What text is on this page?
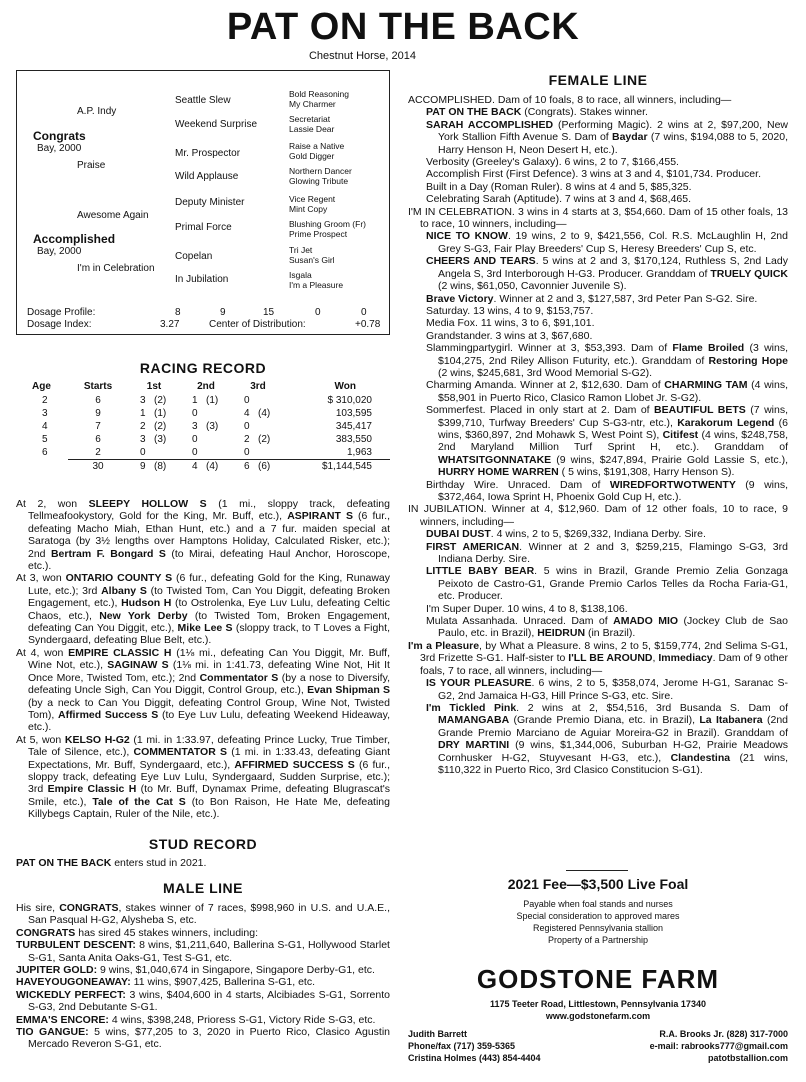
PAT ON THE BACK
Chestnut Horse, 2014
A.P. Indy
Congrats
Bay, 2000
Praise
Awesome Again
Accomplished
Bay, 2000
I'm in Celebration
Seattle Slew
Weekend Surprise
Mr. Prospector
Wild Applause
Deputy Minister
Primal Force
Copelan
In Jubilation
Bold Reasoning
My Charmer
Secretariat
Lassie Dear
Raise a Native
Gold Digger
Northern Dancer
Glowing Tribute
Vice Regent
Mint Copy
Blushing Groom (Fr)
Prime Prospect
Tri Jet
Susan's Girl
Isgala
I'm a Pleasure
Dosage Profile:	8	9	15	0	0
Dosage Index:	3.27	Center of Distribution:	+0.78
RACING RECORD
Age	Starts	1st	2nd	3rd	Won
2	6	3 (2)	1 (1)	0	$ 310,020
3	9	1 (1)	0	4 (4)	103,595
4	7	2 (2)	3 (3)	0	345,417
5	6	3 (3)	0	2 (2)	383,550
6	2	0	0	0	1,963
	30	9 (8)	4 (4)	6 (6)	$1,144,545

At 2, won SLEEPY HOLLOW S (1 mi., sloppy track, defeating Tellmeafookystory, Gold for the King, Mr. Buff, etc.), ASPIRANT S (6 fur., defeating Macho Miah, Ethan Hunt, etc.) and a 7 fur. maiden special at Saratoga (by 3½ lengths over Hamptons Holiday, Calculated Risker, etc.); 2nd Bertram F. Bongard S (to Mirai, defeating Haul Anchor, Horoscope, etc.).

At 3, won ONTARIO COUNTY S (6 fur., defeating Gold for the King, Runaway Lute, etc.); 3rd Albany S (to Twisted Tom, Can You Diggit, defeating Broken Engagement, etc.), Hudson H (to Ostrolenka, Eye Luv Lulu, defeating Celtic Chaos, etc.), New York Derby (to Twisted Tom, Broken Engagement, defeating Can You Diggit, etc.), Mike Lee S (sloppy track, to T Loves a Fight, Syndergaard, defeating Blue Belt, etc.).

At 4, won EMPIRE CLASSIC H (1⅛ mi., defeating Can You Diggit, Mr. Buff, Wine Not, etc.), SAGINAW S (1⅛ mi. in 1:41.73, defeating Wine Not, Hit It Once More, Twisted Tom, etc.); 2nd Commentator S (by a nose to Diversify, defeating Uncle Sigh, Can You Diggit, Control Group, etc.), Evan Shipman S (by a neck to Can You Diggit, defeating Control Group, Wine Not, Twisted Tom), Affirmed Success S (to Eye Luv Lulu, defeating Weekend Hideaway, etc.).

At 5, won KELSO H-G2 (1 mi. in 1:33.97, defeating Prince Lucky, True Timber, Tale of Silence, etc.), COMMENTATOR S (1 mi. in 1:33.43, defeating Giant Expectations, Mr. Buff, Syndergaard, etc.), AFFIRMED SUCCESS S (6 fur., sloppy track, defeating Eye Luv Lulu, Syndergaard, Sudden Surprise, etc.); 3rd Empire Classic H (to Mr. Buff, Dynamax Prime, defeating Blugrascat's Smile, etc.), Tale of the Cat S (to Bon Raison, He Hate Me, defeating Killybegs Captain, Ruler of the Nile, etc.).

STUD RECORD
PAT ON THE BACK enters stud in 2021.
MALE LINE

His sire, CONGRATS, stakes winner of 7 races, $998,960 in U.S. and U.A.E., San Pasqual H-G2, Alysheba S, etc.

CONGRATS has sired 45 stakes winners, including:

TURBULENT DESCENT: 8 wins, $1,211,640, Ballerina S-G1, Hollywood Starlet S-G1, Santa Anita Oaks-G1, Test S-G1, etc.

JUPITER GOLD: 9 wins, $1,040,674 in Singapore, Singapore Derby-G1, etc.

HAVEYOUGONEAWAY: 11 wins, $907,425, Ballerina S-G1, etc.

WICKEDLY PERFECT: 3 wins, $404,600 in 4 starts, Alcibiades S-G1, Sorrento S-G3, 2nd Debutante S-G1.

EMMA'S ENCORE: 4 wins, $398,248, Prioress S-G1, Victory Ride S-G3, etc.

TIO GANGUE: 5 wins, $77,205 to 3, 2020 in Puerto Rico, Clasico Agustin Mercado Reveron S-G1, etc.

FEMALE LINE

ACCOMPLISHED. Dam of 10 foals, 8 to race, all winners, including—

PAT ON THE BACK (Congrats). Stakes winner.

SARAH ACCOMPLISHED (Performing Magic). 2 wins at 2, $97,200, New York Stallion Fifth Avenue S. Dam of Baydar (7 wins, $194,088 to 5, 2020, Harry Henson H, Neon Desert H, etc.).

Verbosity (Greeley's Galaxy). 6 wins, 2 to 7, $166,455.

Accomplish First (First Defence). 3 wins at 3 and 4, $101,734. Producer.

Built in a Day (Roman Ruler). 8 wins at 4 and 5, $85,325.

Celebrating Sarah (Aptitude). 7 wins at 3 and 4, $68,465.

I'M IN CELEBRATION. 3 wins in 4 starts at 3, $54,660. Dam of 15 other foals, 13 to race, 10 winners, including—

NICE TO KNOW. 19 wins, 2 to 9, $421,556, Col. R.S. McLaughlin H, 2nd Grey S-G3, Fair Play Breeders' Cup S, Heresy Breeders' Cup S, etc.

CHEERS AND TEARS. 5 wins at 2 and 3, $170,124, Ruthless S, 2nd Lady Angela S, 3rd Interborough H-G3. Producer. Granddam of TRUELY QUICK (2 wins, $61,050, Cavonnier Juvenile S).

Brave Victory. Winner at 2 and 3, $127,587, 3rd Peter Pan S-G2. Sire.

Saturday. 13 wins, 4 to 9, $153,757.

Media Fox. 11 wins, 3 to 6, $91,101.

Grandstander. 3 wins at 3, $67,680.

Slammingpartygirl. Winner at 3, $53,393. Dam of Flame Broiled (3 wins, $104,275, 2nd Riley Allison Futurity, etc.). Granddam of Restoring Hope (2 wins, $245,681, 3rd Wood Memorial S-G2).

Charming Amanda. Winner at 2, $12,630. Dam of CHARMING TAM (4 wins, $58,901 in Puerto Rico, Clasico Ramon Llobet Jr. S-G2).

Sommerfest. Placed in only start at 2. Dam of BEAUTIFUL BETS (7 wins, $399,710, Turfway Breeders' Cup S-G3-ntr, etc.), Karakorum Legend (6 wins, $360,897, 2nd Mohawk S, West Point S), Citifest (4 wins, $248,758, 2nd Maryland Million Turf Sprint H, etc.). Granddam of WHATSITGONNATAKE (9 wins, $247,894, Prairie Gold Lassie S, etc.), HURRY HOME WARREN ( 5 wins, $191,308, Harry Henson S).

Birthday Wire. Unraced. Dam of WIREDFORTWOTWENTY (9 wins, $372,464, Iowa Sprint H, Phoenix Gold Cup H, etc.).

IN JUBILATION. Winner at 4, $12,960. Dam of 12 other foals, 10 to race, 9 winners, including—

DUBAI DUST. 4 wins, 2 to 5, $269,332, Indiana Derby. Sire.

FIRST AMERICAN. Winner at 2 and 3, $259,215, Flamingo S-G3, 3rd Indiana Derby. Sire.

LITTLE BABY BEAR. 5 wins in Brazil, Grande Premio Zelia Gonzaga Peixoto de Castro-G1, Grande Premio Carlos Telles da Rocha Faria-G1, etc. Producer.

I'm Super Duper. 10 wins, 4 to 8, $138,106.

Mulata Assanhada. Unraced. Dam of AMADO MIO (Jockey Club de Sao Paulo, etc. in Brazil), HEIDRUN (in Brazil).

I'm a Pleasure, by What a Pleasure. 8 wins, 2 to 5, $159,774, 2nd Selima S-G1, 3rd Frizette S-G1. Half-sister to I'LL BE AROUND, Immediacy. Dam of 9 other foals, 7 to race, all winners, including—

IS YOUR PLEASURE. 6 wins, 2 to 5, $358,074, Jerome H-G1, Saranac S-G2, 2nd Jamaica H-G3, Hill Prince S-G3, etc. Sire.

I'm Tickled Pink. 2 wins at 2, $54,516, 3rd Busanda S. Dam of MAMANGABA (Grande Premio Diana, etc. in Brazil), La Itabanera (2nd Grande Premio Marciano de Aguiar Moreira-G2 in Brazil). Granddam of DRY MARTINI (9 wins, $1,344,006, Suburban H-G2, Prairie Meadows Cornhusker H-G2, Stuyvesant H-G3, etc.), Clandestina (21 wins, $110,322 in Puerto Rico, 3rd Clasico Constitucion S-G1).

2021 Fee—$3,500 Live Foal
Payable when foal stands and nurses
Special consideration to approved mares
Registered Pennsylvania stallion
Property of a Partnership
GODSTONE FARM
1175 Teeter Road, Littlestown, Pennsylvania 17340
www.godstonefarm.com
Judith Barrett
Phone/fax (717) 359-5365
Cristina Holmes (443) 854-4404
R.A. Brooks Jr. (828) 317-7000
e-mail: rabrooks777@gmail.com
patotbstallion.com
